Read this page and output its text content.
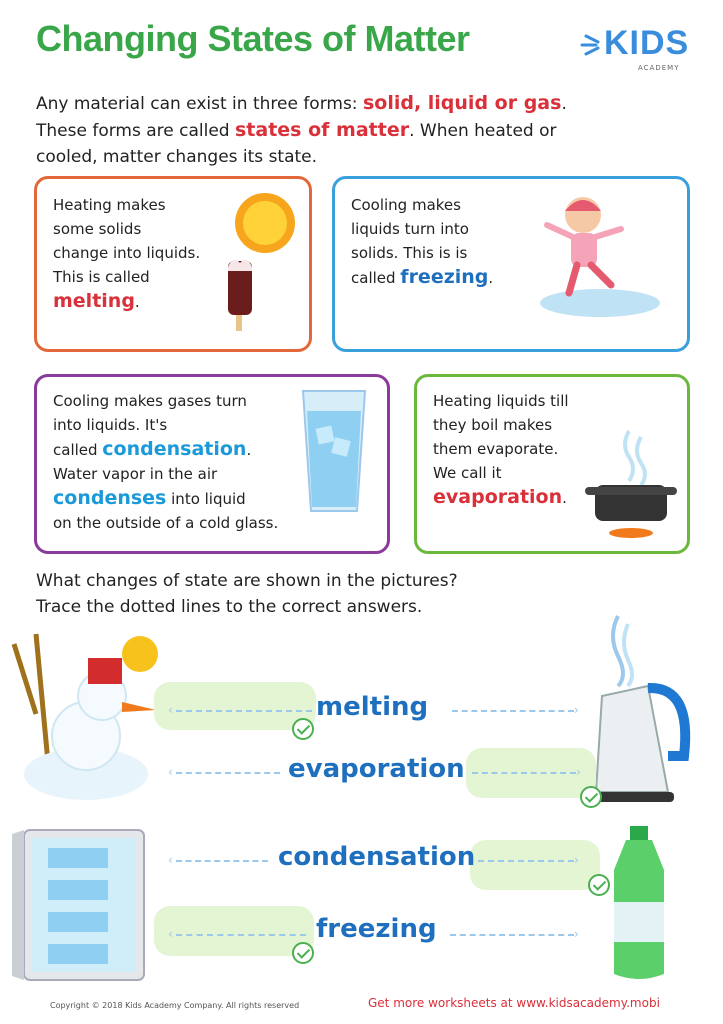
Changing States of Matter	KIDS
ACADEMY
Any material can exist in three forms: solid, liquid or gas.
These forms are called states of matter. When heated or
cooled, matter changes its state.
Heating makes
some solids
change into liquids.
This is called
melting.
Cooling makes
liquids turn into
solids. This is is
called freezing.
Cooling makes gases turn
into liquids. It's
called condensation.
Water vapor in the air
condenses into liquid
on the outside of a cold glass.
Heating liquids till
they boil makes
them evaporate.
We call it
evaporation.
What changes of state are shown in the pictures?
Trace the dotted lines to the correct answers.
‹	›
‹	›
‹	›
‹	›
melting
evaporation
condensation
freezing
Copyright © 2018 Kids Academy Company. All rights reserved	Get more worksheets at www.kidsacademy.mobi
